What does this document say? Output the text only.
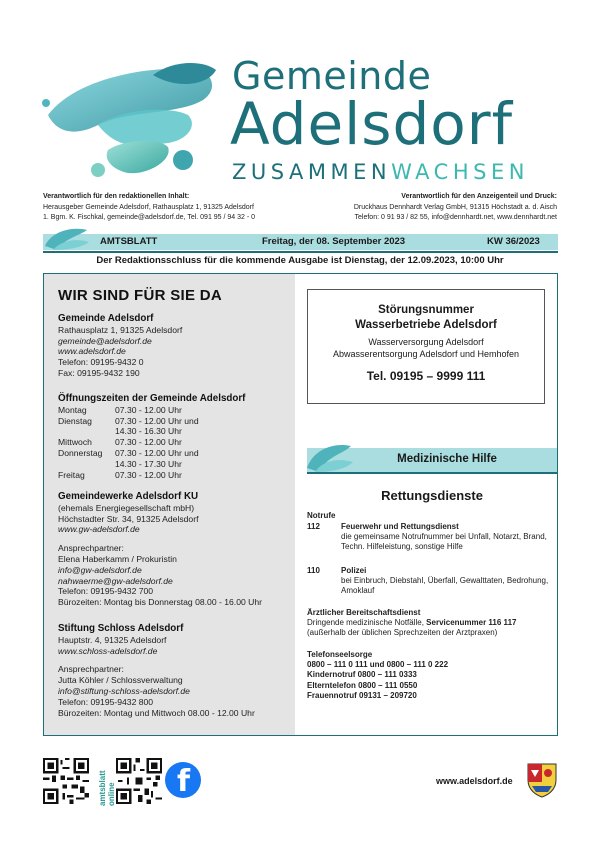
Gemeinde
Adelsdorf
ZUSAMMENWACHSEN
Verantwortlich für den redaktionellen Inhalt:
Herausgeber Gemeinde Adelsdorf, Rathausplatz 1, 91325 Adelsdorf
1. Bgm. K. Fischkal, gemeinde@adelsdorf.de, Tel. 091 95 / 94 32 - 0
Verantwortlich für den Anzeigenteil und Druck:
Druckhaus Dennhardt Verlag GmbH, 91315 Höchstadt a. d. Aisch
Telefon: 0 91 93 / 82 55, info@dennhardt.net, www.dennhardt.net
AMTSBLATT	Freitag, der 08. September 2023	KW 36/2023
Der Redaktionsschluss für die kommende Ausgabe ist Dienstag, der 12.09.2023, 10:00 Uhr
WIR SIND FÜR SIE DA
Gemeinde Adelsdorf
Rathausplatz 1, 91325 Adelsdorf
gemeinde@adelsdorf.de
www.adelsdorf.de
Telefon: 09195-9432 0
Fax: 09195-9432 190
Öffnungszeiten der Gemeinde Adelsdorf
Montag	07.30 - 12.00 Uhr
Dienstag	07.30 - 12.00 Uhr und
	14.30 - 16.30 Uhr
Mittwoch	07.30 - 12.00 Uhr
Donnerstag	07.30 - 12.00 Uhr und
	14.30 - 17.30 Uhr
Freitag	07.30 - 12.00 Uhr
Gemeindewerke Adelsdorf KU
(ehemals Energiegesellschaft mbH)
Höchstadter Str. 34, 91325 Adelsdorf
www.gw-adelsdorf.de
Ansprechpartner:
Elena Haberkamm / Prokuristin
info@gw-adelsdorf.de
nahwaerme@gw-adelsdorf.de
Telefon: 09195-9432 700
Bürozeiten: Montag bis Donnerstag 08.00 - 16.00 Uhr
Stiftung Schloss Adelsdorf
Hauptstr. 4, 91325 Adelsdorf
www.schloss-adelsdorf.de
Ansprechpartner:
Jutta Köhler / Schlossverwaltung
info@stiftung-schloss-adelsdorf.de
Telefon: 09195-9432 800
Bürozeiten: Montag und Mittwoch 08.00 - 12.00 Uhr
Störungsnummer
Wasserbetriebe Adelsdorf
Wasserversorgung Adelsdorf
Abwasserentsorgung Adelsdorf und Hemhofen
Tel. 09195 – 9999 111
Medizinische Hilfe
Rettungsdienste
Notrufe
112	Feuerwehr und Rettungsdienst
die gemeinsame Notrufnummer bei Unfall, Notarzt, Brand,
Techn. Hilfeleistung, sonstige Hilfe
110	Polizei
bei Einbruch, Diebstahl, Überfall, Gewalttaten, Bedrohung,
Amoklauf
Ärztlicher Bereitschaftsdienst
Dringende medizinische Notfälle, Servicenummer 116 117
(außerhalb der üblichen Sprechzeiten der Arztpraxen)
Telefonseelsorge
0800 – 111 0 111 und 0800 – 111 0 222
Kindernotruf 0800 – 111 0333
Elterntelefon 0800 – 111 0550
Frauennotruf 09131 – 209720
amtsblatt online f	www.adelsdorf.de
